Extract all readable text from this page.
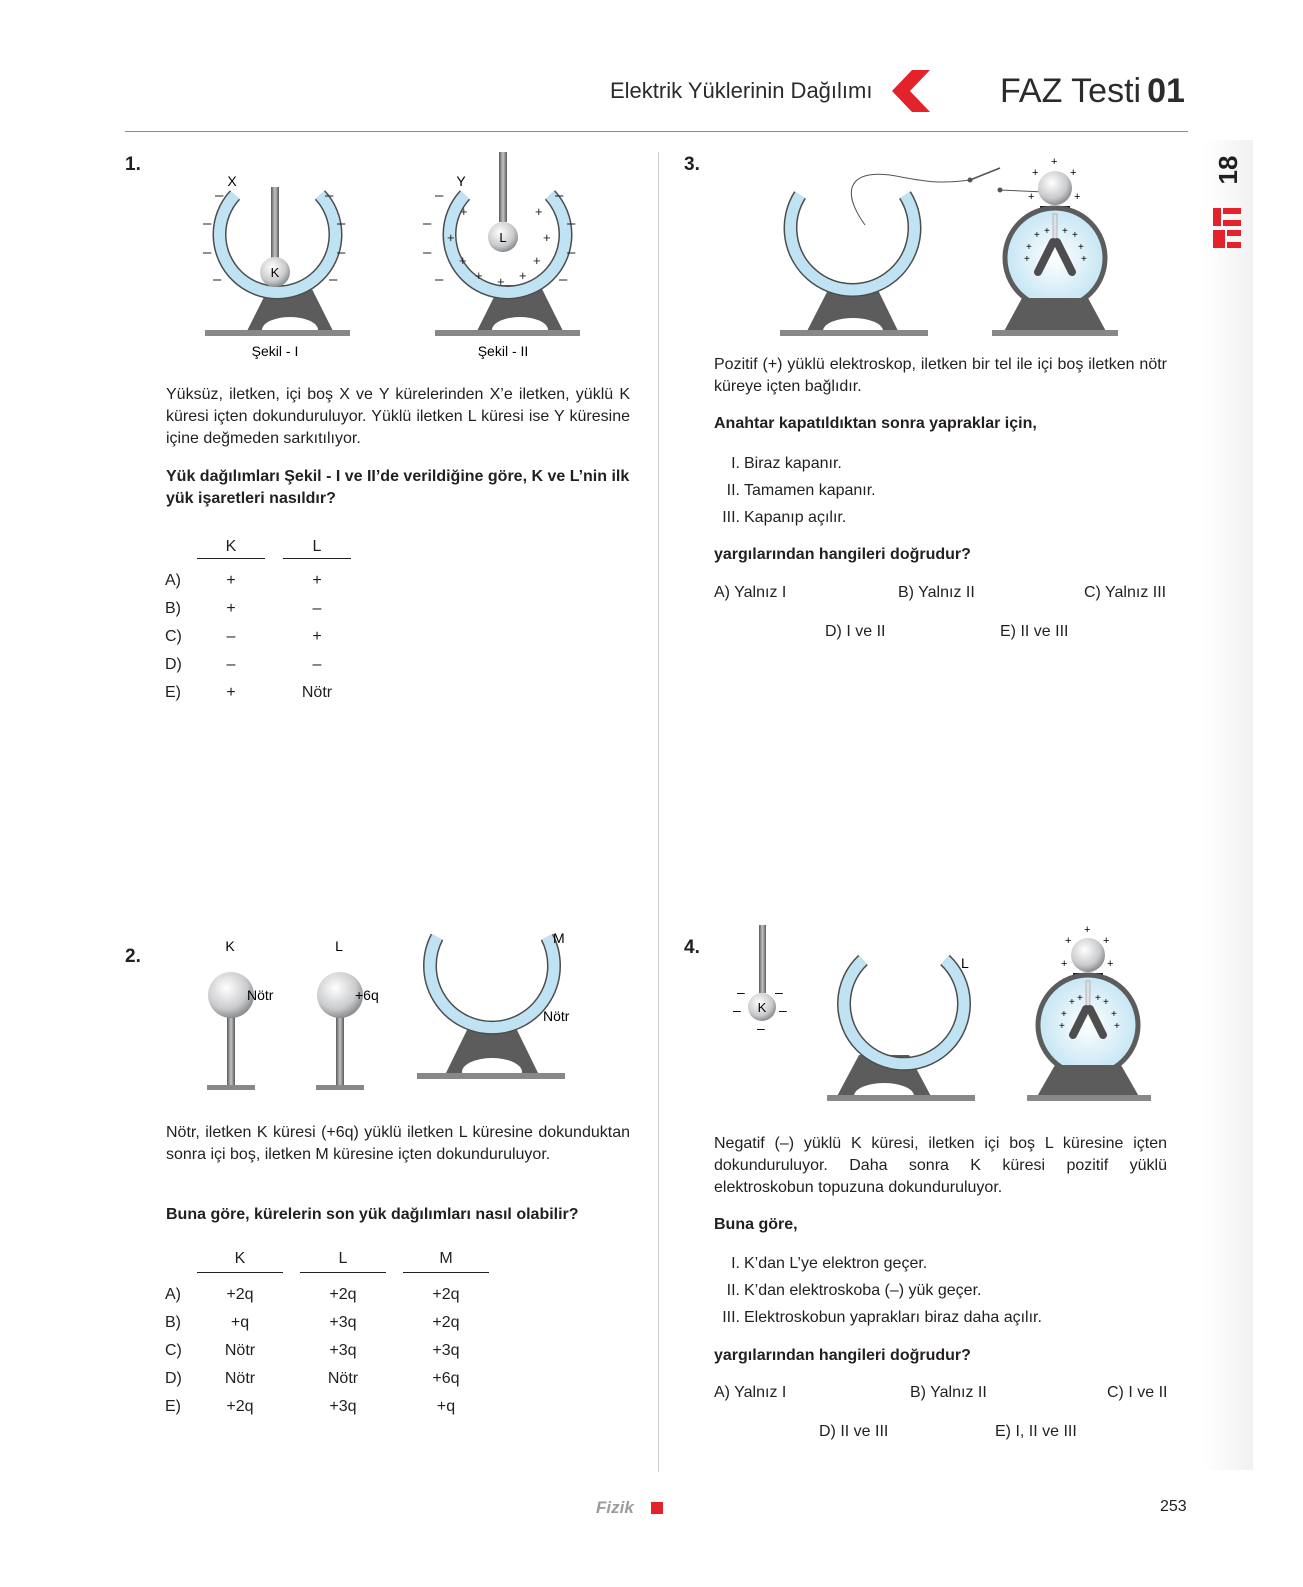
Elektrik Yüklerinin Dağılımı	FAZ Testi 01
18
1.
K
X
–
–
–
–
–
–
–
–
Şekil - I
L
Y
–
–
–
–
–
–
–
–
+
+
+
+ + +
+
+
+
Şekil - II
Yüksüz, iletken, içi boş X ve Y kürelerinden X’e iletken, yüklü K küresi içten dokunduruluyor. Yüklü iletken L küresi ise Y küresine içine değmeden sarkıtılıyor.
Yük dağılımları Şekil - I ve II’de verildiğine göre, K ve L’nin ilk yük işaretleri nasıldır?
K	L
A)	+	+
B)	+	–
C)	–	+
D)	–	–
E)	+	Nötr
2.	K
Nötr
L
+6q
M
Nötr
Nötr, iletken K küresi (+6q) yüklü iletken L küresine dokunduktan sonra içi boş, iletken M küresine içten dokunduruluyor.
Buna göre, kürelerin son yük dağılımları nasıl olabilir?
K	L	M
A)	+2q	+2q	+2q
B)	+q	+3q	+2q
C)	Nötr	+3q	+3q
D)	Nötr	Nötr	+6q
E)	+2q	+3q	+q
3.	+
+	+
+	+
+ + + +
+	+
+	+
Pozitif (+) yüklü elektroskop, iletken bir tel ile içi boş iletken nötr küreye içten bağlıdır.
Anahtar kapatıldıktan sonra yapraklar için,
I. Biraz kapanır.
II. Tamamen kapanır.
III. Kapanıp açılır.
yargılarından hangileri doğrudur?
A) Yalnız I	B) Yalnız II	C) Yalnız III
D) I ve II	E) II ve III
4.
K
– –
–	–
–
L
+
+	+
+	+
+ + + +
+	+
+	+
Negatif (–) yüklü K küresi, iletken içi boş L küresine içten dokunduruluyor. Daha sonra K küresi pozitif yüklü elektroskobun topuzuna dokunduruluyor.
Buna göre,
I. K’dan L’ye elektron geçer.
II. K’dan elektroskoba (–) yük geçer.
III. Elektroskobun yaprakları biraz daha açılır.
yargılarından hangileri doğrudur?
A) Yalnız I	B) Yalnız II	C) I ve II
D) II ve III	E) I, II ve III
Fizik	253
